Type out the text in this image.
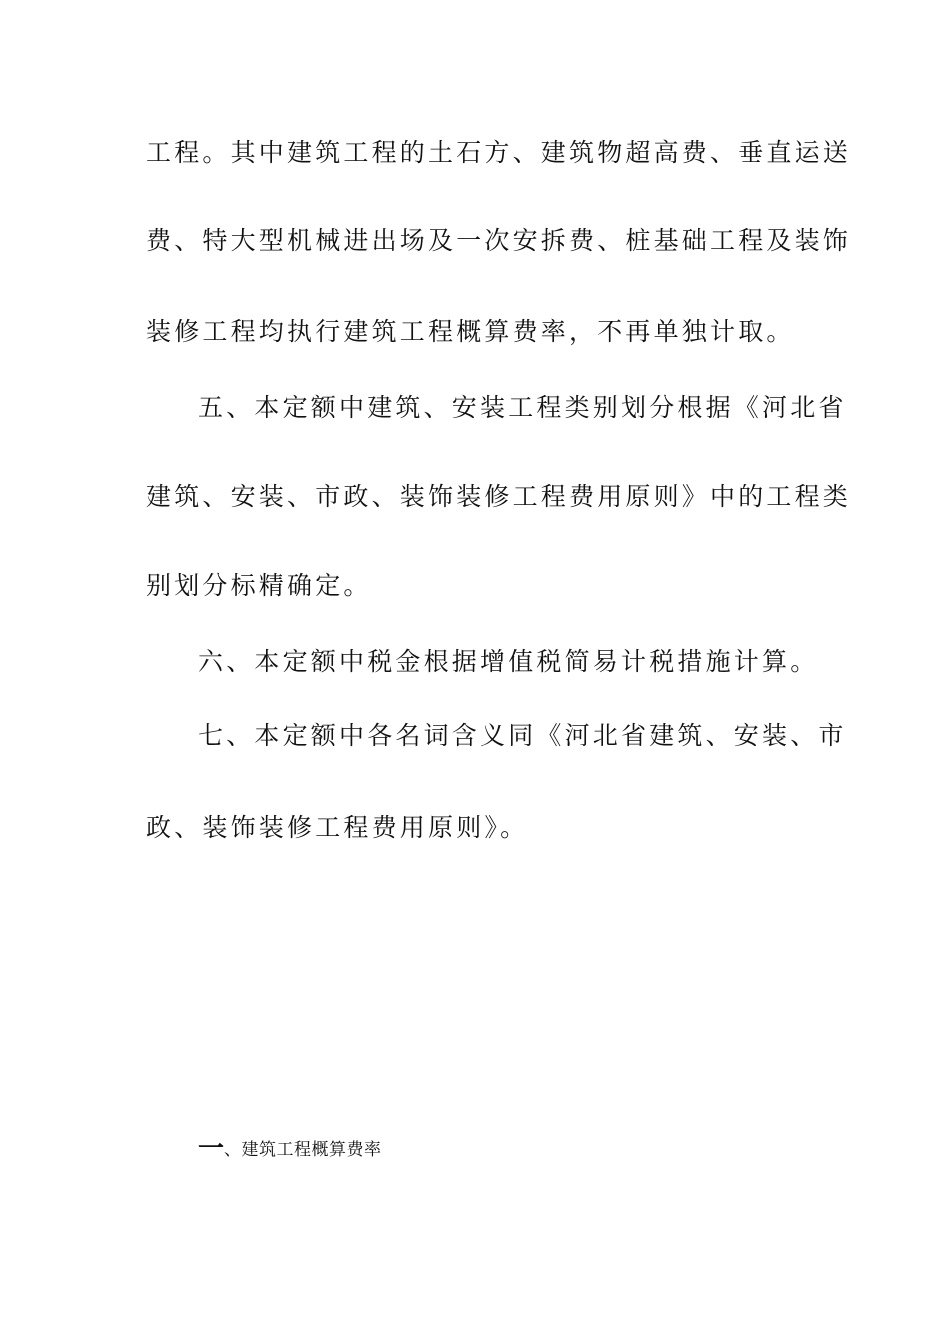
工程。其中建筑工程的土石方、建筑物超高费、垂直运送
费、特大型机械进出场及一次安拆费、桩基础工程及装饰
装修工程均执行建筑工程概算费率，不再单独计取。
五、本定额中建筑、安装工程类别划分根据《河北省
建筑、安装、市政、装饰装修工程费用原则》中的工程类
别划分标精确定。
六、本定额中税金根据增值税简易计税措施计算。
七、本定额中各名词含义同《河北省建筑、安装、市
政、装饰装修工程费用原则》。
一、建筑工程概算费率
